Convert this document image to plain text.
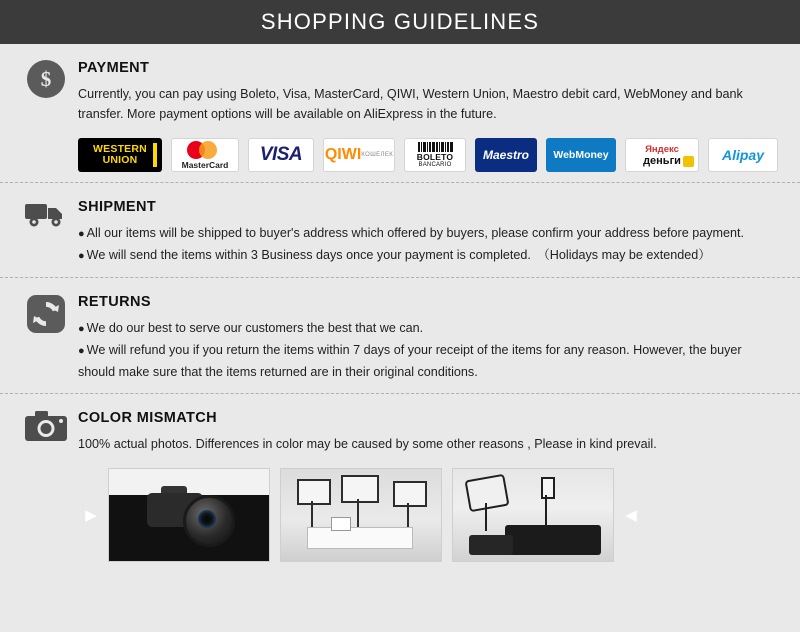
SHOPPING GUIDELINES
$	PAYMENT

Currently, you can pay using Boleto, Visa, MasterCard, QIWI, Western Union, Maestro debit card, WebMoney and bank transfer. More payment options will be available on AliExpress in the future.

WESTERN
UNION	MasterCard VISA QIWI КОШЕЛЕК	BOLETO
BANCARIO
Maestro WebMoney	Яндекс
деньги	Alipay
SHIPMENT

● All our items will be shipped to buyer's address which offered by buyers, please confirm your address before payment.

● We will send the items within 3 Business days once your payment is completed.　（Holidays may be extended）

RETURNS

● We do our best to serve our customers the best that we can.

● We will refund you if you return the items within 7 days of your receipt of the items for any reason. However, the buyer should make sure that the items returned are in their original conditions.

COLOR MISMATCH

100% actual photos. Differences in color may be caused by some other reasons , Please in kind prevail.

▶	◀
